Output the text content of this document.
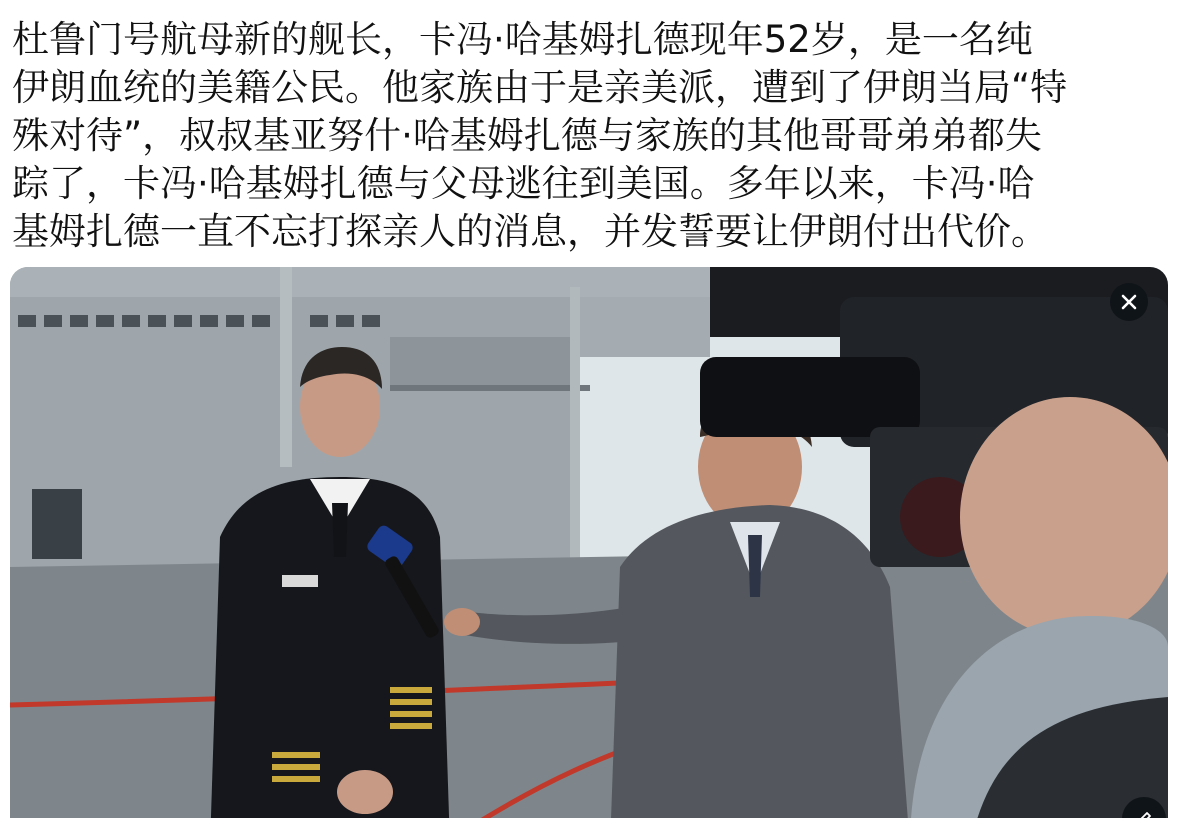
杜鲁门号航母新的舰长，卡冯·哈基姆扎德现年52岁，是一名纯
伊朗血统的美籍公民。他家族由于是亲美派，遭到了伊朗当局“特
殊对待”，叔叔基亚努什·哈基姆扎德与家族的其他哥哥弟弟都失
踪了，卡冯·哈基姆扎德与父母逃往到美国。多年以来，卡冯·哈
基姆扎德一直不忘打探亲人的消息，并发誓要让伊朗付出代价。
